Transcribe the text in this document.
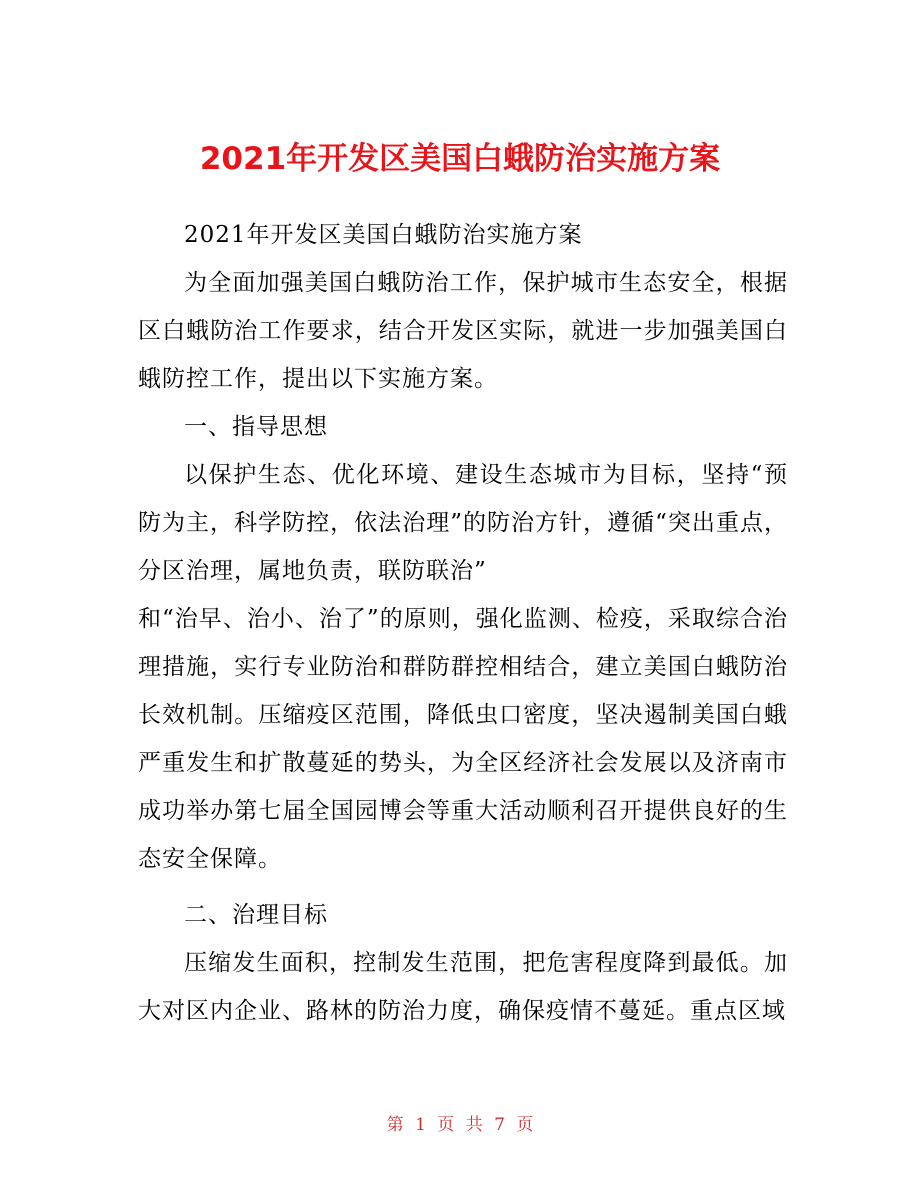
2021年开发区美国白蛾防治实施方案

2021年开发区美国白蛾防治实施方案

为全面加强美国白蛾防治工作，保护城市生态安全，根据区白蛾防治工作要求，结合开发区实际，就进一步加强美国白蛾防控工作，提出以下实施方案。

一、指导思想

以保护生态、优化环境、建设生态城市为目标，坚持“预防为主，科学防控，依法治理”的防治方针，遵循“突出重点，分区治理，属地负责，联防联治”

和“治早、治小、治了”的原则，强化监测、检疫，采取综合治理措施，实行专业防治和群防群控相结合，建立美国白蛾防治长效机制。压缩疫区范围，降低虫口密度，坚决遏制美国白蛾严重发生和扩散蔓延的势头，为全区经济社会发展以及济南市成功举办第七届全国园博会等重大活动顺利召开提供良好的生态安全保障。

二、治理目标

压缩发生面积，控制发生范围，把危害程度降到最低。加大对区内企业、路林的防治力度，确保疫情不蔓延。重点区域

第 1 页 共 7 页
